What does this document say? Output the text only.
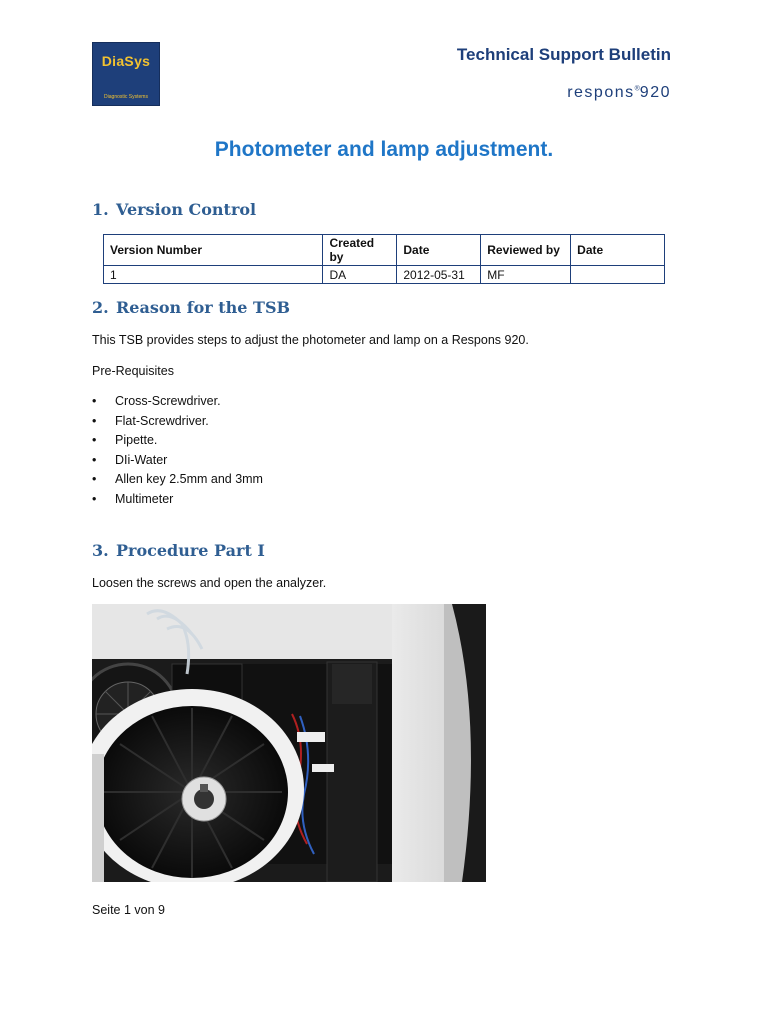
DiaSys
Diagnostic Systems
Technical Support Bulletin
respons®920
Photometer and lamp adjustment.
1. Version Control
Version Number	Created by	Date	Reviewed by	Date
1	DA	2012-05-31	MF	
2. Reason for the TSB

This TSB provides steps to adjust the photometer and lamp on a Respons 920.

Pre-Requisites

• Cross-Screwdriver.
• Flat-Screwdriver.
• Pipette.
• DIi-Water
• Allen key 2.5mm and 3mm
• Multimeter
3. Procedure Part I

Loosen the screws and open the analyzer.

Seite 1 von 9
